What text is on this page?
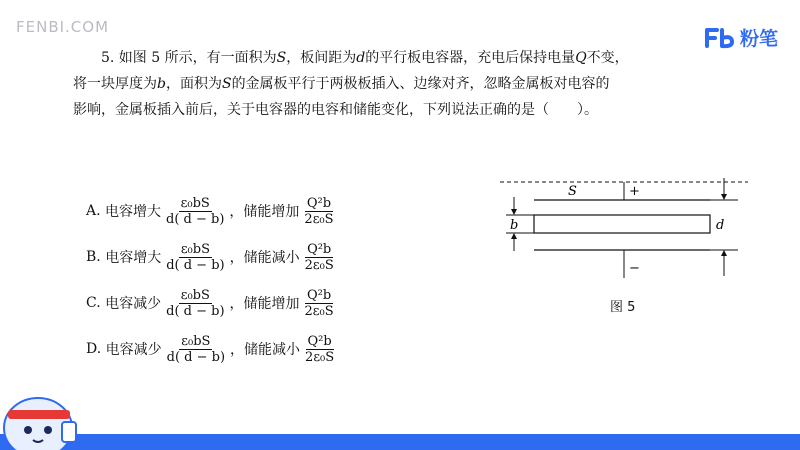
FENBI.COM
粉笔

5. 如图 5 所示，有一面积为S，板间距为d的平行板电容器，充电后保持电量Q不变，

将一块厚度为b，面积为S的金属板平行于两极板插入、边缘对齐，忽略金属板对电容的

影响，金属板插入前后，关于电容器的电容和储能变化，下列说法正确的是（　　）。

A.
电容增大 $\frac{\text{ε₀bS}}{d( d - b)}$ ，储能增加 $\frac{\text{Q²b}}{\text{2ε₀S}}$
B.
电容增大 $\frac{\text{ε₀bS}}{d( d - b)}$ ，储能减小 $\frac{\text{Q²b}}{\text{2ε₀S}}$
C.
电容减少 $\frac{\text{ε₀bS}}{d( d - b)}$ ，储能增加 $\frac{\text{Q²b}}{\text{2ε₀S}}$
D.
电容减少 $\frac{\text{ε₀bS}}{d( d - b)}$ ，储能减小 $\frac{\text{Q²b}}{\text{2ε₀S}}$
S	+
−
b	d
图 5
